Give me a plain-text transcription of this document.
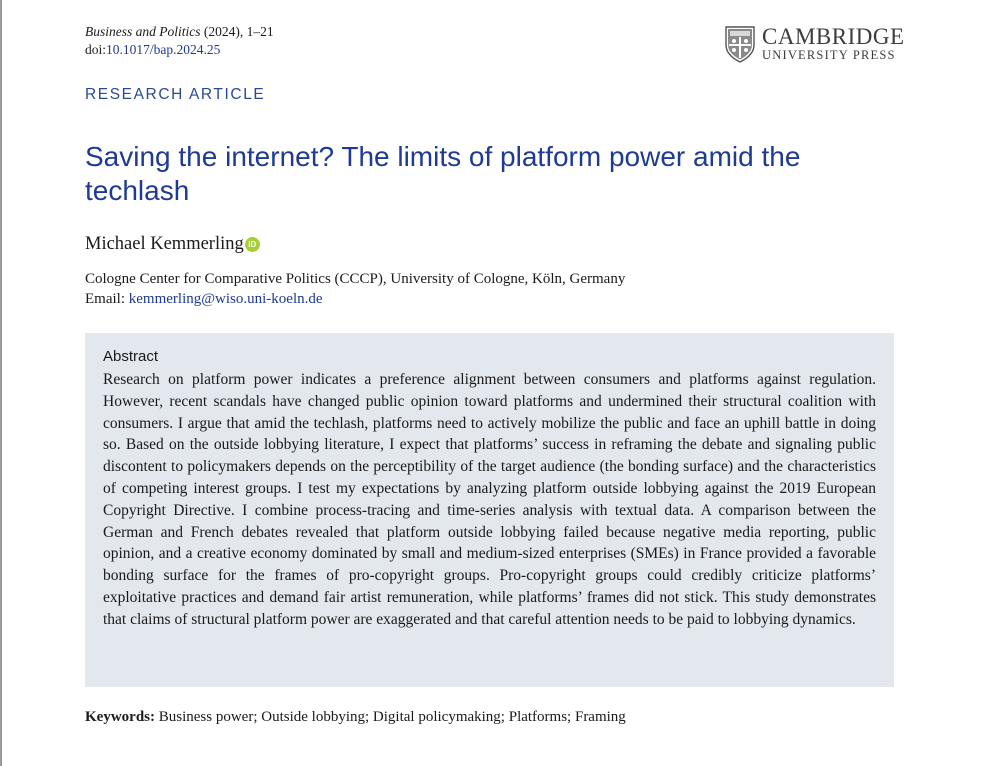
Business and Politics (2024), 1–21
doi:10.1017/bap.2024.25
CAMBRIDGE
UNIVERSITY PRESS
RESEARCH ARTICLE
Saving the internet? The limits of platform power amid the techlash
Michael Kemmerling iD
Cologne Center for Comparative Politics (CCCP), University of Cologne, Köln, Germany
Email: kemmerling@wiso.uni-koeln.de
Abstract

Research on platform power indicates a preference alignment between consumers and platforms against regulation. However, recent scandals have changed public opinion toward platforms and undermined their structural coalition with consumers. I argue that amid the techlash, platforms need to actively mobilize the public and face an uphill battle in doing so. Based on the outside lobbying literature, I expect that platforms’ success in reframing the debate and signaling public discontent to policymakers depends on the perceptibility of the target audience (the bonding surface) and the characteristics of competing interest groups. I test my expectations by analyzing platform outside lobbying against the 2019 European Copyright Directive. I combine process-tracing and time-series analysis with textual data. A comparison between the German and French debates revealed that platform outside lobbying failed because negative media reporting, public opinion, and a creative economy dominated by small and medium-sized enterprises (SMEs) in France provided a favorable bonding surface for the frames of pro-copyright groups. Pro-copyright groups could credibly criticize platforms’ exploitative practices and demand fair artist remuneration, while platforms’ frames did not stick. This study demonstrates that claims of structural platform power are exaggerated and that careful attention needs to be paid to lobbying dynamics.

Keywords: Business power; Outside lobbying; Digital policymaking; Platforms; Framing
